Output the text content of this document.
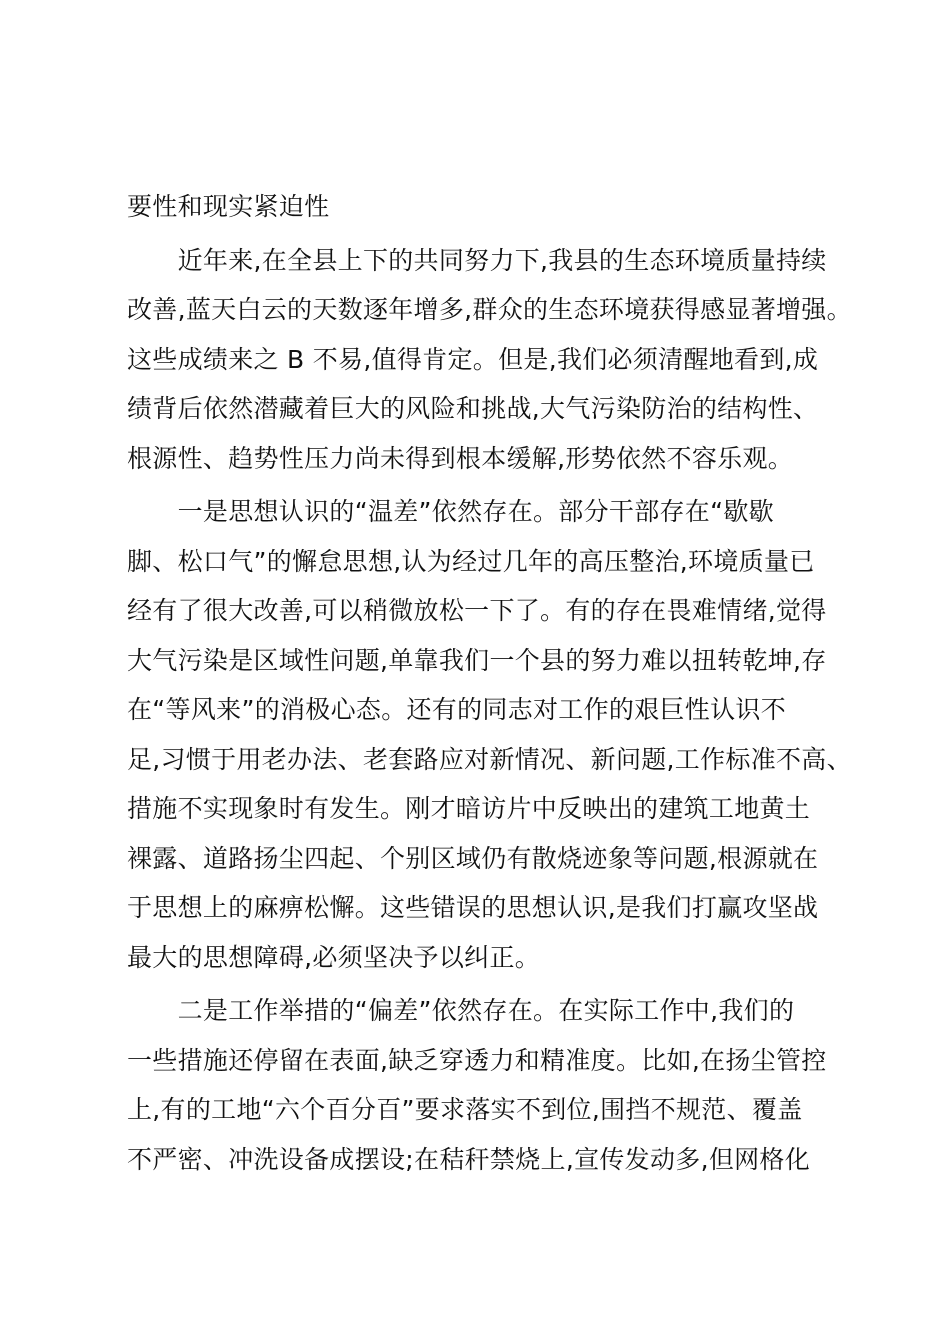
要性和现实紧迫性
　　近年来,在全县上下的共同努力下,我县的生态环境质量持续
改善,蓝天白云的天数逐年增多,群众的生态环境获得感显著增强。
这些成绩来之 B 不易,值得肯定。但是,我们必须清醒地看到,成
绩背后依然潜藏着巨大的风险和挑战,大气污染防治的结构性、
根源性、趋势性压力尚未得到根本缓解,形势依然不容乐观。
　　一是思想认识的“温差”依然存在。部分干部存在“歇歇
脚、松口气”的懈怠思想,认为经过几年的高压整治,环境质量已
经有了很大改善,可以稍微放松一下了。有的存在畏难情绪,觉得
大气污染是区域性问题,单靠我们一个县的努力难以扭转乾坤,存
在“等风来”的消极心态。还有的同志对工作的艰巨性认识不
足,习惯于用老办法、老套路应对新情况、新问题,工作标准不高、
措施不实现象时有发生。刚才暗访片中反映出的建筑工地黄土
裸露、道路扬尘四起、个别区域仍有散烧迹象等问题,根源就在
于思想上的麻痹松懈。这些错误的思想认识,是我们打赢攻坚战
最大的思想障碍,必须坚决予以纠正。
　　二是工作举措的“偏差”依然存在。在实际工作中,我们的
一些措施还停留在表面,缺乏穿透力和精准度。比如,在扬尘管控
上,有的工地“六个百分百”要求落实不到位,围挡不规范、覆盖
不严密、冲洗设备成摆设;在秸秆禁烧上,宣传发动多,但网格化
